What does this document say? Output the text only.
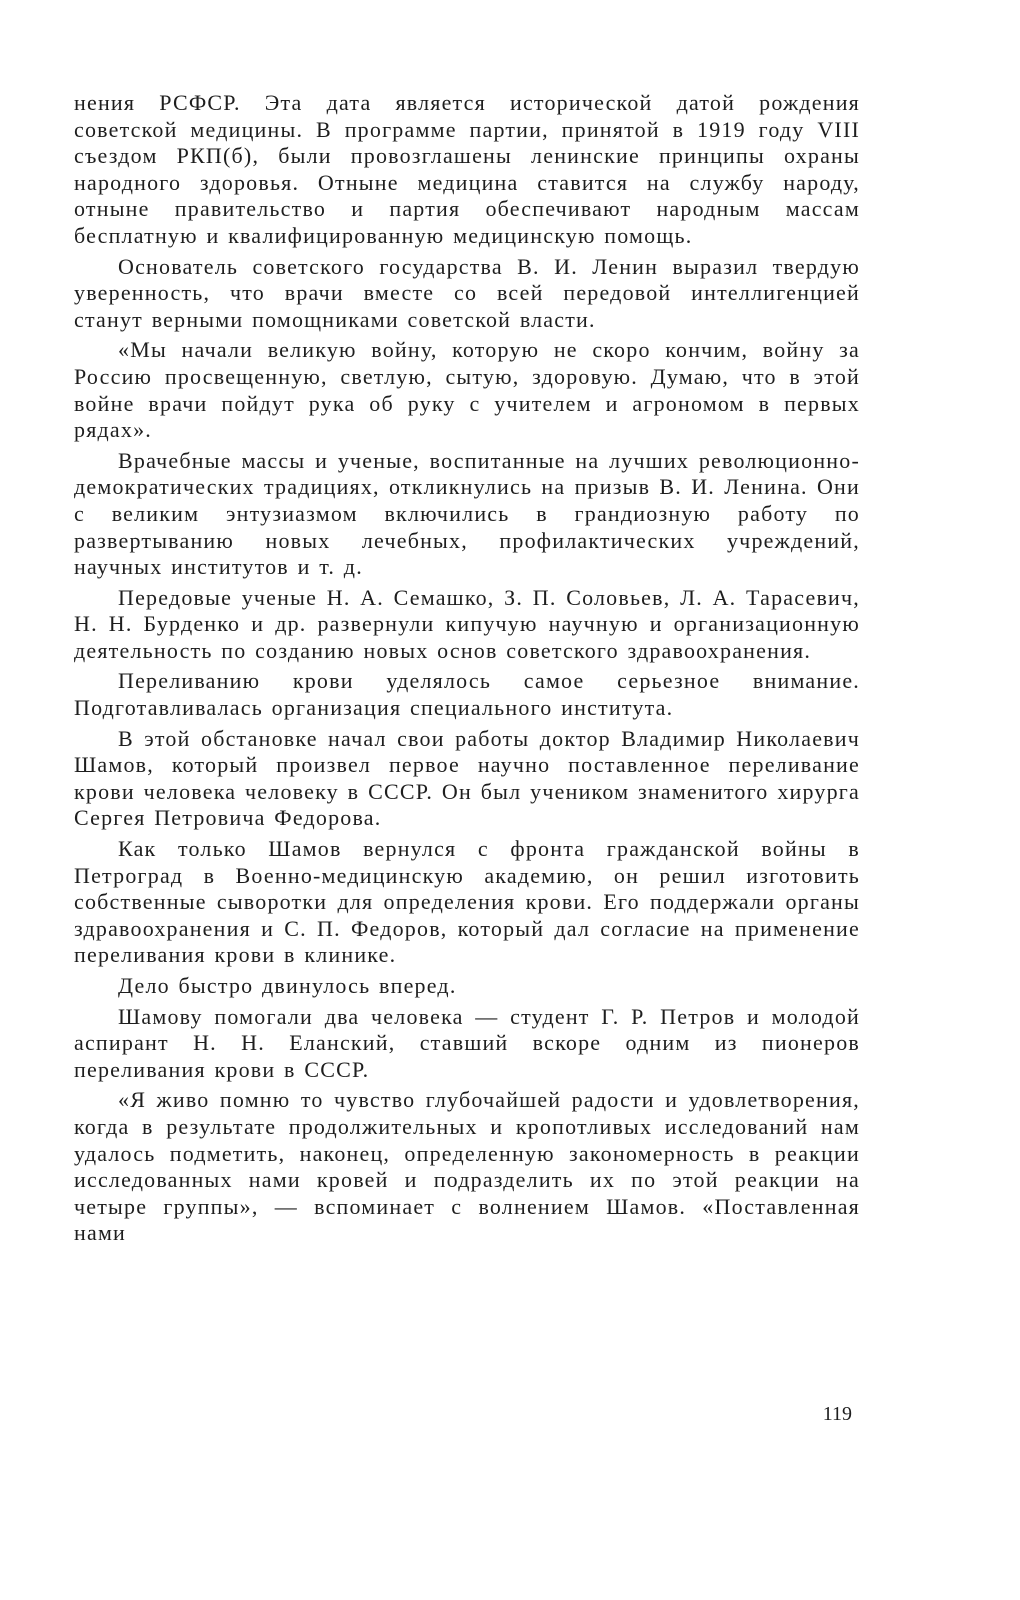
нения РСФСР. Эта дата является исторической датой рождения советской медицины. В программе партии, принятой в 1919 году VIII съездом РКП(б), были провозглашены ленинские принципы охраны народного здоровья. Отныне медицина ставится на службу народу, отныне правительство и партия обеспечивают народным массам бесплатную и квалифицированную медицинскую помощь.

Основатель советского государства В. И. Ленин выразил твердую уверенность, что врачи вместе со всей передовой интеллигенцией станут верными помощниками советской власти.

«Мы начали великую войну, которую не скоро кончим, войну за Россию просвещенную, светлую, сытую, здоровую. Думаю, что в этой войне врачи пойдут рука об руку с учителем и агрономом в первых рядах».

Врачебные массы и ученые, воспитанные на лучших революционно-демократических традициях, откликнулись на призыв В. И. Ленина. Они с великим энтузиазмом включились в грандиозную работу по развертыванию новых лечебных, профилактических учреждений, научных институтов и т. д.

Передовые ученые Н. А. Семашко, З. П. Соловьев, Л. А. Тарасевич, Н. Н. Бурденко и др. развернули кипучую научную и организационную деятельность по созданию новых основ советского здравоохранения.

Переливанию крови уделялось самое серьезное внимание. Подготавливалась организация специального института.

В этой обстановке начал свои работы доктор Владимир Николаевич Шамов, который произвел первое научно поставленное переливание крови человека человеку в СССР. Он был учеником знаменитого хирурга Сергея Петровича Федорова.

Как только Шамов вернулся с фронта гражданской войны в Петроград в Военно-медицинскую академию, он решил изготовить собственные сыворотки для определения крови. Его поддержали органы здравоохранения и С. П. Федоров, который дал согласие на применение переливания крови в клинике.

Дело быстро двинулось вперед.

Шамову помогали два человека — студент Г. Р. Петров и молодой аспирант Н. Н. Еланский, ставший вскоре одним из пионеров переливания крови в СССР.

«Я живо помню то чувство глубочайшей радости и удовлетворения, когда в результате продолжительных и кропотливых исследований нам удалось подметить, наконец, определенную закономерность в реакции исследованных нами кровей и подразделить их по этой реакции на четыре группы», — вспоминает с волнением Шамов. «Поставленная нами

119
